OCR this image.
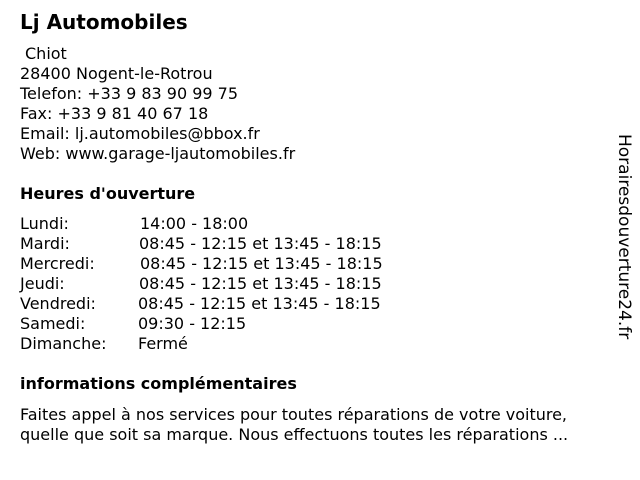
Lj Automobiles
Chiot
28400 Nogent-le-Rotrou
Telefon: +33 9 83 90 99 75
Fax: +33 9 81 40 67 18
Email: lj.automobiles@bbox.fr
Web: www.garage-ljautomobiles.fr
Heures d'ouverture
Lundi:	14:00 - 18:00
Mardi:	08:45 - 12:15 et 13:45 - 18:15
Mercredi:	08:45 - 12:15 et 13:45 - 18:15
Jeudi:	08:45 - 12:15 et 13:45 - 18:15
Vendredi:	08:45 - 12:15 et 13:45 - 18:15
Samedi:	09:30 - 12:15
Dimanche: Fermé
informations complémentaires
Faites appel à nos services pour toutes réparations de votre voiture,
quelle que soit sa marque. Nous effectuons toutes les réparations ...
Horairesdouverture24.fr
